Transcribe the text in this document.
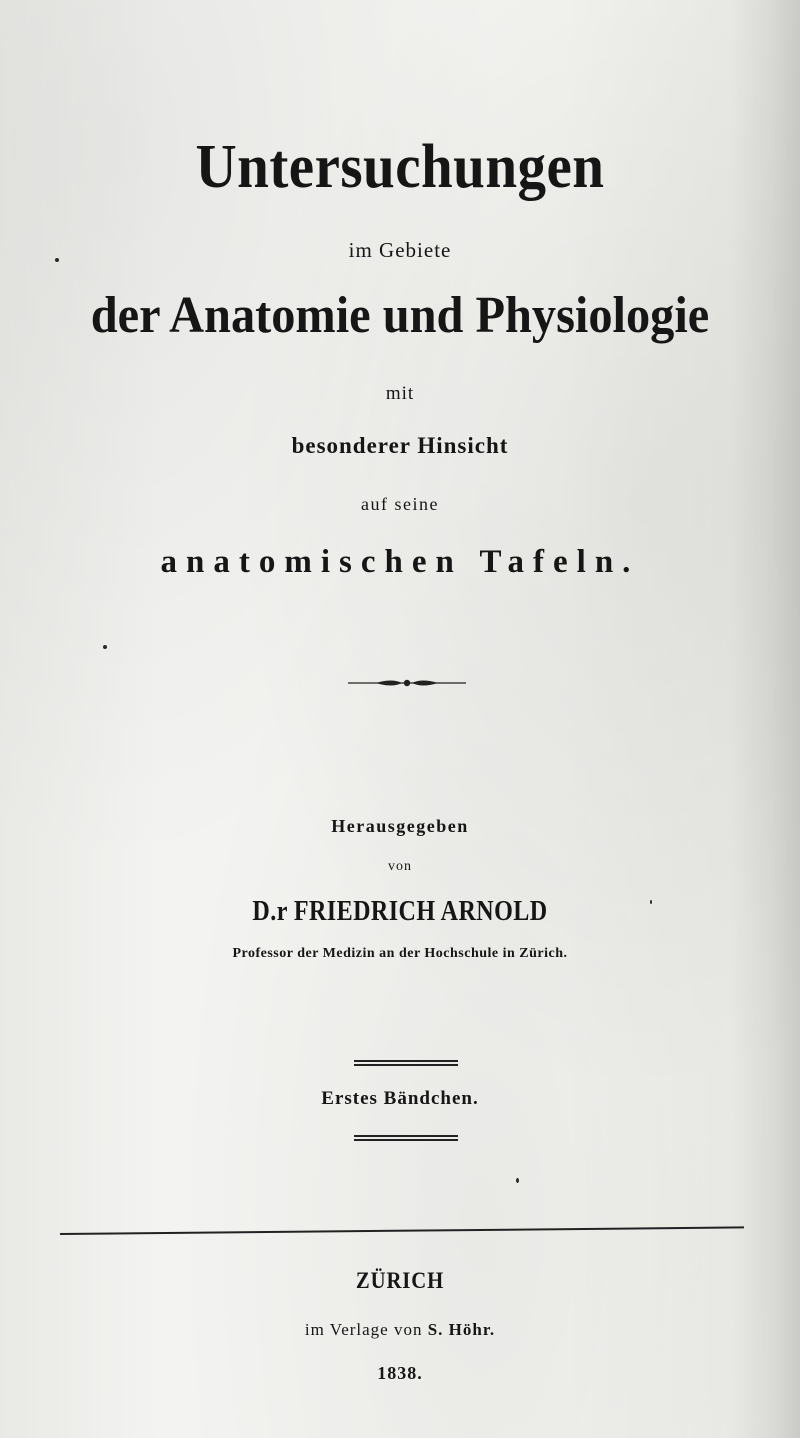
Untersuchungen
im Gebiete
der Anatomie und Physiologie
mit
besonderer Hinsicht
auf seine
anatomischen Tafeln.
Herausgegeben
von
D.r FRIEDRICH ARNOLD
Professor der Medizin an der Hochschule in Zürich.
Erstes Bändchen.
ZÜRICH
im Verlage von S. Höhr.
1838.
